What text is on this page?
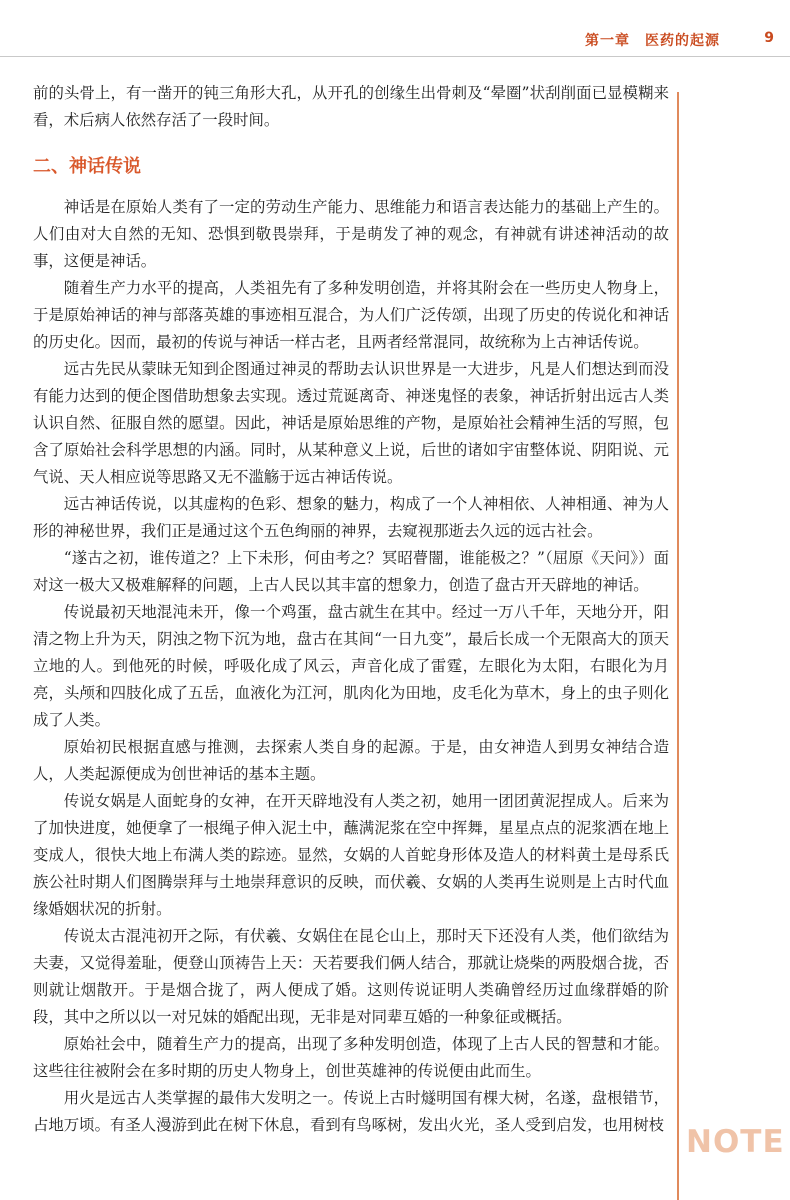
第一章　医药的起源	9

前的头骨上，有一凿开的钝三角形大孔，从开孔的创缘生出骨刺及“晕圈”状刮削面已显模糊来看，术后病人依然存活了一段时间。

二、神话传说

神话是在原始人类有了一定的劳动生产能力、思维能力和语言表达能力的基础上产生的。人们由对大自然的无知、恐惧到敬畏崇拜，于是萌发了神的观念，有神就有讲述神活动的故事，这便是神话。

随着生产力水平的提高，人类祖先有了多种发明创造，并将其附会在一些历史人物身上，于是原始神话的神与部落英雄的事迹相互混合，为人们广泛传颂，出现了历史的传说化和神话的历史化。因而，最初的传说与神话一样古老，且两者经常混同，故统称为上古神话传说。

远古先民从蒙昧无知到企图通过神灵的帮助去认识世界是一大进步，凡是人们想达到而没有能力达到的便企图借助想象去实现。透过荒诞离奇、神迷鬼怪的表象，神话折射出远古人类认识自然、征服自然的愿望。因此，神话是原始思维的产物，是原始社会精神生活的写照，包含了原始社会科学思想的内涵。同时，从某种意义上说，后世的诸如宇宙整体说、阴阳说、元气说、天人相应说等思路又无不滥觞于远古神话传说。

远古神话传说，以其虚构的色彩、想象的魅力，构成了一个人神相依、人神相通、神为人形的神秘世界，我们正是通过这个五色绚丽的神界，去窥视那逝去久远的远古社会。

“遂古之初，谁传道之？上下未形，何由考之？冥昭瞢闇，谁能极之？”（屈原《天问》）面对这一极大又极难解释的问题，上古人民以其丰富的想象力，创造了盘古开天辟地的神话。

传说最初天地混沌未开，像一个鸡蛋，盘古就生在其中。经过一万八千年，天地分开，阳清之物上升为天，阴浊之物下沉为地，盘古在其间“一日九变”，最后长成一个无限高大的顶天立地的人。到他死的时候，呼吸化成了风云，声音化成了雷霆，左眼化为太阳，右眼化为月亮，头颅和四肢化成了五岳，血液化为江河，肌肉化为田地，皮毛化为草木，身上的虫子则化成了人类。

原始初民根据直感与推测，去探索人类自身的起源。于是，由女神造人到男女神结合造人，人类起源便成为创世神话的基本主题。

传说女娲是人面蛇身的女神，在开天辟地没有人类之初，她用一团团黄泥捏成人。后来为了加快进度，她便拿了一根绳子伸入泥土中，蘸满泥浆在空中挥舞，星星点点的泥浆洒在地上变成人，很快大地上布满人类的踪迹。显然，女娲的人首蛇身形体及造人的材料黄土是母系氏族公社时期人们图腾崇拜与土地崇拜意识的反映，而伏羲、女娲的人类再生说则是上古时代血缘婚姻状况的折射。

传说太古混沌初开之际，有伏羲、女娲住在昆仑山上，那时天下还没有人类，他们欲结为夫妻，又觉得羞耻，便登山顶祷告上天：天若要我们俩人结合，那就让烧柴的两股烟合拢，否则就让烟散开。于是烟合拢了，两人便成了婚。这则传说证明人类确曾经历过血缘群婚的阶段，其中之所以以一对兄妹的婚配出现，无非是对同辈互婚的一种象征或概括。

原始社会中，随着生产力的提高，出现了多种发明创造，体现了上古人民的智慧和才能。这些往往被附会在多时期的历史人物身上，创世英雄神的传说便由此而生。

用火是远古人类掌握的最伟大发明之一。传说上古时燧明国有棵大树，名遂，盘根错节，占地万顷。有圣人漫游到此在树下休息，看到有鸟啄树，发出火光，圣人受到启发，也用树枝 NOTE
